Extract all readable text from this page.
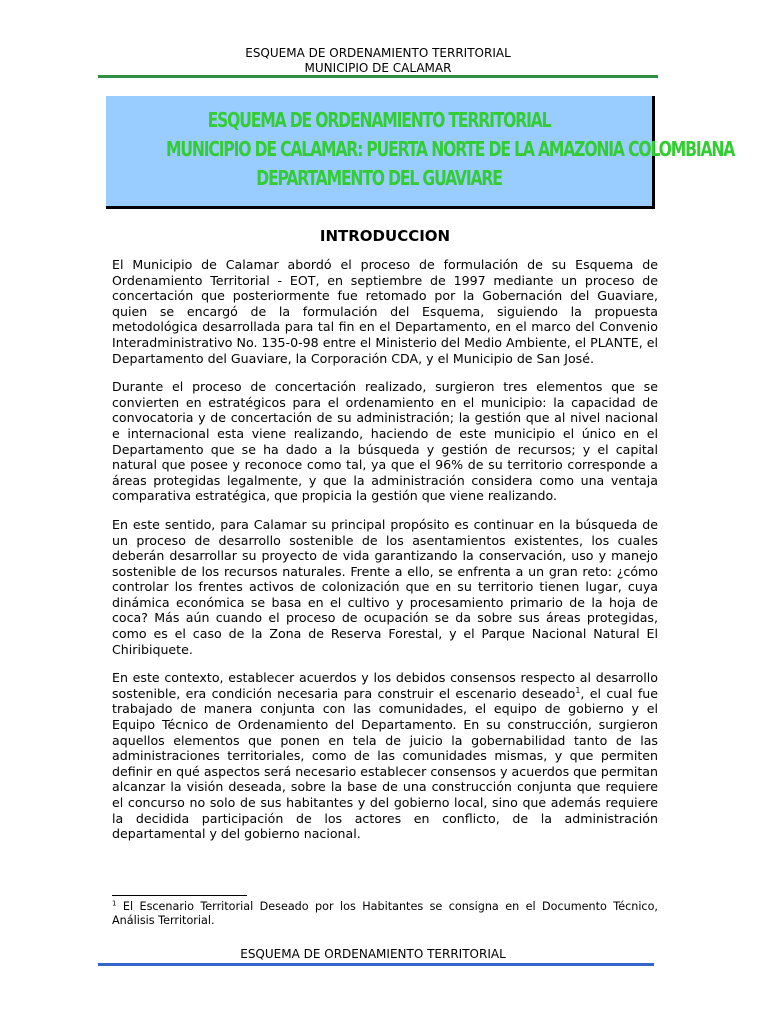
ESQUEMA DE ORDENAMIENTO TERRITORIAL
MUNICIPIO DE CALAMAR
ESQUEMA DE ORDENAMIENTO TERRITORIAL
MUNICIPIO DE CALAMAR: PUERTA NORTE DE LA AMAZONIA COLOMBIANA
DEPARTAMENTO DEL GUAVIARE
INTRODUCCION

El Municipio de Calamar abordó el proceso de formulación de su Esquema de Ordenamiento Territorial - EOT, en septiembre de 1997 mediante un proceso de concertación que posteriormente fue retomado por la Gobernación del Guaviare, quien se encargó de la formulación del Esquema, siguiendo la propuesta metodológica desarrollada para tal fin en el Departamento, en el marco del Convenio Interadministrativo No. 135-0-98 entre el Ministerio del Medio Ambiente, el PLANTE, el Departamento del Guaviare, la Corporación CDA, y el Municipio de San José.

Durante el proceso de concertación realizado, surgieron tres elementos que se convierten en estratégicos para el ordenamiento en el municipio: la capacidad de convocatoria y de concertación de su administración; la gestión que al nivel nacional e internacional esta viene realizando, haciendo de este municipio el único en el Departamento que se ha dado a la búsqueda y gestión de recursos; y el capital natural que posee y reconoce como tal, ya que el 96% de su territorio corresponde a áreas protegidas legalmente, y que la administración considera como una ventaja comparativa estratégica, que propicia la gestión que viene realizando.

En este sentido, para Calamar su principal propósito es continuar en la búsqueda de un proceso de desarrollo sostenible de los asentamientos existentes, los cuales deberán desarrollar su proyecto de vida garantizando la conservación, uso y manejo sostenible de los recursos naturales. Frente a ello, se enfrenta a un gran reto: ¿cómo controlar los frentes activos de colonización que en su territorio tienen lugar, cuya dinámica económica se basa en el cultivo y procesamiento primario de la hoja de coca? Más aún cuando el proceso de ocupación se da sobre sus áreas protegidas, como es el caso de la Zona de Reserva Forestal, y el Parque Nacional Natural El Chiribiquete.

En este contexto, establecer acuerdos y los debidos consensos respecto al desarrollo sostenible, era condición necesaria para construir el escenario deseado$^1$, el cual fue trabajado de manera conjunta con las comunidades, el equipo de gobierno y el Equipo Técnico de Ordenamiento del Departamento. En su construcción, surgieron aquellos elementos que ponen en tela de juicio la gobernabilidad tanto de las administraciones territoriales, como de las comunidades mismas, y que permiten definir en qué aspectos será necesario establecer consensos y acuerdos que permitan alcanzar la visión deseada, sobre la base de una construcción conjunta que requiere el concurso no solo de sus habitantes y del gobierno local, sino que además requiere la decidida participación de los actores en conflicto, de la administración departamental y del gobierno nacional.

$^1$ El Escenario Territorial Deseado por los Habitantes se consigna en el Documento Técnico, Análisis Territorial.
ESQUEMA DE ORDENAMIENTO TERRITORIAL
